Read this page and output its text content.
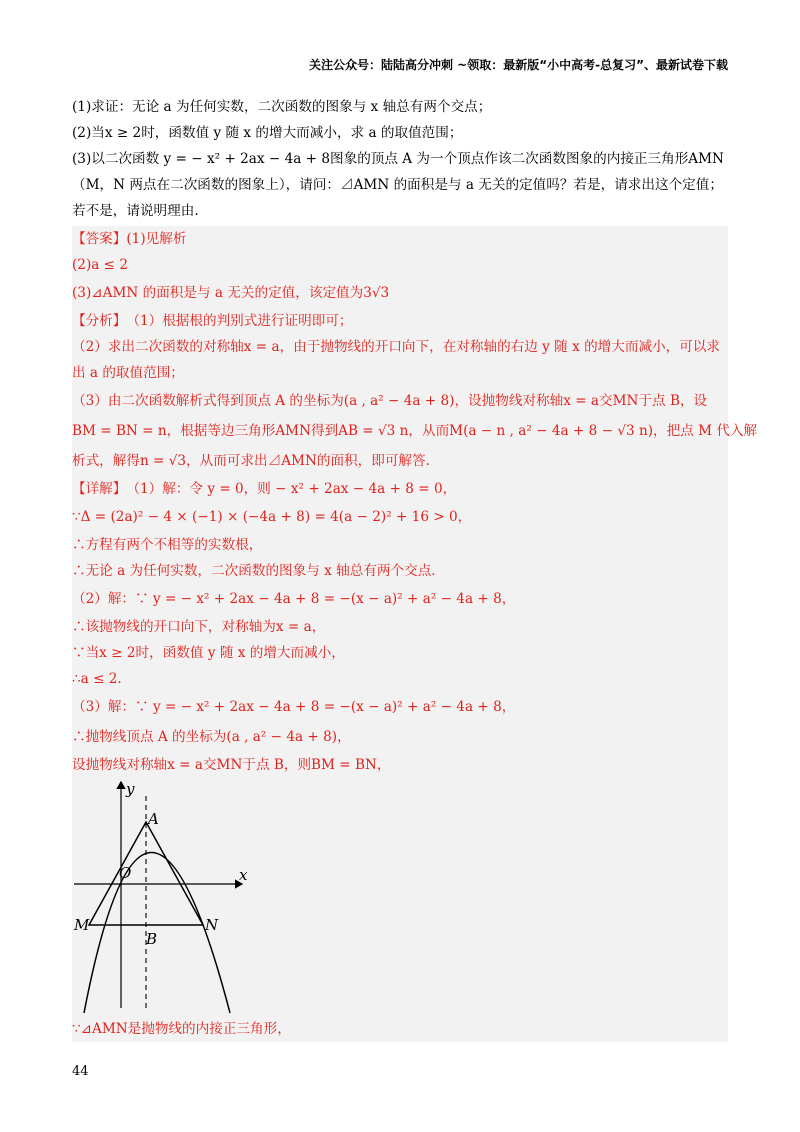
关注公众号：陆陆高分冲刺 ~领取：最新版“小中高考-总复习”、最新试卷下载
(1)求证：无论 a 为任何实数，二次函数的图象与 x 轴总有两个交点；
(2)当x ≥ 2时，函数值 y 随 x 的增大而减小，求 a 的取值范围；
(3)以二次函数 y = − x² + 2ax − 4a + 8图象的顶点 A 为一个顶点作该二次函数图象的内接正三角形AMN
（M，N 两点在二次函数的图象上），请问：⊿AMN 的面积是与 a 无关的定值吗？若是，请求出这个定值；
若不是，请说明理由.
【答案】 (1)见解析
(2)a ≤ 2
(3)⊿AMN 的面积是与 a 无关的定值，该定值为3√3
【分析】 （1）根据根的判别式进行证明即可；
（2）求出二次函数的对称轴x = a，由于抛物线的开口向下，在对称轴的右边 y 随 x 的增大而减小，可以求
出 a 的取值范围；
（3）由二次函数解析式得到顶点 A 的坐标为(a , a² − 4a + 8)，设抛物线对称轴x = a交MN于点 B，设
BM = BN = n，根据等边三角形AMN得到AB = √3 n，从而M(a − n , a² − 4a + 8 − √3 n)，把点 M 代入解
析式，解得n = √3，从而可求出⊿AMN的面积，即可解答.
【详解】 （1）解：令 y = 0，则 − x² + 2ax − 4a + 8 = 0，
∵Δ = (2a)² − 4 × (−1) × (−4a + 8) = 4(a − 2)² + 16 > 0，
∴方程有两个不相等的实数根，
∴无论 a 为任何实数，二次函数的图象与 x 轴总有两个交点.
（2）解：∵ y = − x² + 2ax − 4a + 8 = −(x − a)² + a² − 4a + 8，
∴该抛物线的开口向下，对称轴为x = a，
∵当x ≥ 2时，函数值 y 随 x 的增大而减小，
∴a ≤ 2.
（3）解：∵ y = − x² + 2ax − 4a + 8 = −(x − a)² + a² − 4a + 8，
∴抛物线顶点 A 的坐标为(a , a² − 4a + 8)，
设抛物线对称轴x = a交MN于点 B，则BM = BN，
y
x
O
A
B
M	N
∵⊿AMN是抛物线的内接正三角形，
44
